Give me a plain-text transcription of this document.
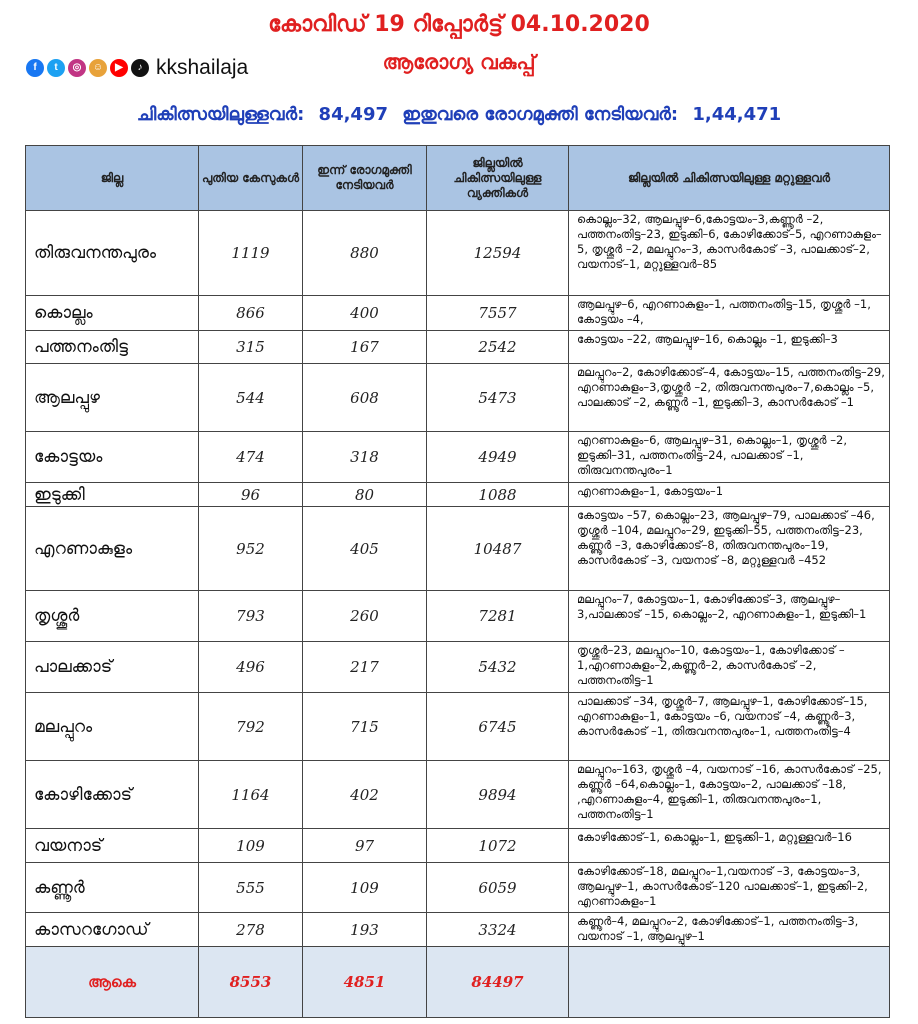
കോവിഡ് 19 റിപ്പോർട്ട് 04.10.2020
ആരോഗ്യ വകുപ്പ്
f	t	◎	☺	▶	♪ kkshailaja
ചികിത്സയിലുള്ളവർ: 84,497 ഇതുവരെ രോഗമുക്തി നേടിയവർ: 1,44,471
ജില്ല	പുതിയ കേസുകൾ	ഇന്ന് രോഗമുക്തി നേടിയവർ	ജില്ലയിൽ ചികിത്സയിലുള്ള വ്യക്തികൾ	ജില്ലയിൽ ചികിത്സയിലുള്ള മറ്റുള്ളവർ
തിരുവനന്തപുരം	1119	880	12594	കൊല്ലം–32, ആലപ്പുഴ–6,കോട്ടയം–3,കണ്ണൂർ –2, പത്തനംതിട്ട–23, ഇടുക്കി–6, കോഴിക്കോട്–5, എറണാകുളം–5, തൃശ്ശൂർ –2, മലപ്പുറം–3, കാസർകോട് –3, പാലക്കാട്–2, വയനാട്–1, മറ്റുള്ളവർ–85
കൊല്ലം	866	400	7557	ആലപ്പുഴ–6, എറണാകുളം–1, പത്തനംതിട്ട–15, തൃശ്ശൂർ –1, കോട്ടയം –4,
പത്തനംതിട്ട	315	167	2542	കോട്ടയം –22, ആലപ്പുഴ–16, കൊല്ലം –1, ഇടുക്കി–3
ആലപ്പുഴ	544	608	5473	മലപ്പുറം–2, കോഴിക്കോട്–4, കോട്ടയം–15, പത്തനംതിട്ട–29, എറണാകുളം–3,തൃശ്ശൂർ –2, തിരുവനന്തപുരം–7,കൊല്ലം –5, പാലക്കാട് –2, കണ്ണൂർ –1, ഇടുക്കി–3, കാസർകോട് –1
കോട്ടയം	474	318	4949	എറണാകുളം–6, ആലപ്പുഴ–31, കൊല്ലം–1, തൃശ്ശൂർ –2, ഇടുക്കി–31, പത്തനംതിട്ട–24, പാലക്കാട് –1, തിരുവനന്തപുരം–1
ഇടുക്കി	96	80	1088	എറണാകുളം–1, കോട്ടയം–1
എറണാകുളം	952	405	10487	കോട്ടയം –57, കൊല്ലം–23, ആലപ്പുഴ–79, പാലക്കാട് –46, തൃശ്ശൂർ –104, മലപ്പുറം–29, ഇടുക്കി–55, പത്തനംതിട്ട–23, കണ്ണൂർ –3, കോഴിക്കോട്–8, തിരുവനന്തപുരം–19, കാസർകോട് –3, വയനാട് –8, മറ്റുള്ളവർ –452
തൃശ്ശൂർ	793	260	7281	മലപ്പുറം–7, കോട്ടയം–1, കോഴിക്കോട്–3, ആലപ്പുഴ–3,പാലക്കാട് –15, കൊല്ലം–2, എറണാകുളം–1, ഇടുക്കി–1
പാലക്കാട്	496	217	5432	തൃശ്ശൂർ–23, മലപ്പുറം–10, കോട്ടയം–1, കോഴിക്കോട് –1,എറണാകുളം–2,കണ്ണൂർ–2, കാസർകോട് –2, പത്തനംതിട്ട–1
മലപ്പുറം	792	715	6745	പാലക്കാട് –34, തൃശ്ശൂർ–7, ആലപ്പുഴ–1, കോഴിക്കോട്–15, എറണാകുളം–1, കോട്ടയം –6, വയനാട് –4, കണ്ണൂർ–3, കാസർകോട് –1, തിരുവനന്തപുരം–1, പത്തനംതിട്ട–4
കോഴിക്കോട്	1164	402	9894	മലപ്പുറം–163, തൃശ്ശൂർ –4, വയനാട് –16, കാസർകോട് –25, കണ്ണൂർ –64,കൊല്ലം–1, കോട്ടയം–2, പാലക്കാട് –18, ,എറണാകുളം–4, ഇടുക്കി–1, തിരുവനന്തപുരം–1, പത്തനംതിട്ട–1
വയനാട്	109	97	1072	കോഴിക്കോട്–1, കൊല്ലം–1, ഇടുക്കി–1, മറ്റുള്ളവർ–16
കണ്ണൂർ	555	109	6059	കോഴിക്കോട്–18, മലപ്പുറം–1,വയനാട് –3, കോട്ടയം–3, ആലപ്പുഴ–1, കാസർകോട്–120 പാലക്കാട്–1, ഇടുക്കി–2, എറണാകുളം–1
കാസറഗോഡ്	278	193	3324	കണ്ണൂർ–4, മലപ്പുറം–2, കോഴിക്കോട്–1, പത്തനംതിട്ട–3, വയനാട് –1, ആലപ്പുഴ–1
ആകെ	8553	4851	84497	
